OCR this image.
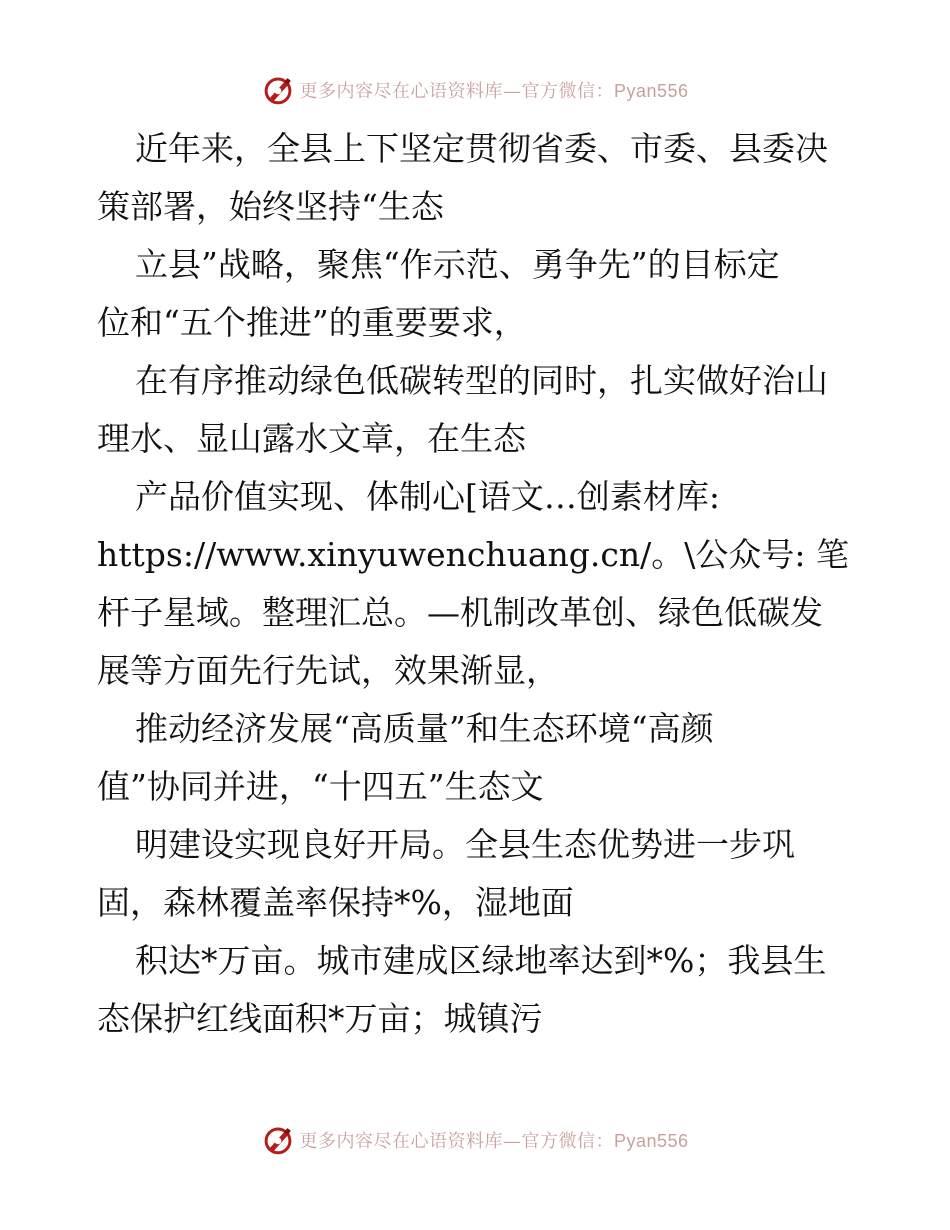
更多内容尽在心语资料库—官方微信：Pyan556

近年来，全县上下坚定贯彻省委、市委、县委决

策部署，始终坚持“生态

立县”战略，聚焦“作示范、勇争先”的目标定

位和“五个推进”的重要要求，

在有序推动绿色低碳转型的同时，扎实做好治山

理水、显山露水文章，在生态

产品价值实现、体制心[语文…创素材库:

https://www.xinyuwenchuang.cn/。\公众号: 笔

杆子星域。整理汇总。—机制改革创、绿色低碳发

展等方面先行先试，效果渐显，

推动经济发展“高质量”和生态环境“高颜

值”协同并进，“十四五”生态文

明建设实现良好开局。全县生态优势进一步巩

固，森林覆盖率保持*%，湿地面

积达*万亩。城市建成区绿地率达到*%；我县生

态保护红线面积*万亩；城镇污

更多内容尽在心语资料库—官方微信：Pyan556
